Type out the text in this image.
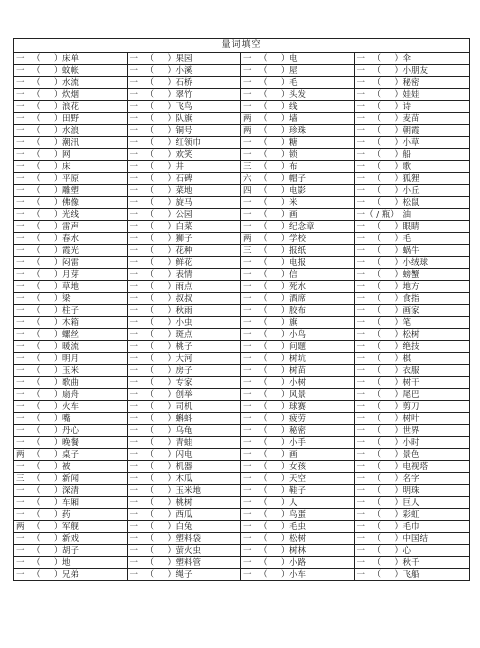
量词填空
一 （ ） 床单	一 （ ） 果园	一 （ ） 电	一 （ ） 伞
一 （ ） 蚊帐	一 （ ） 小溪	一 （ ） 屋	一 （ ） 小朋友
一 （ ） 水流	一 （ ） 石桥	一 （ ） 毛	一 （ ） 秘密
一 （ ） 炊烟	一 （ ） 翠竹	一 （ ） 头发	一 （ ） 娃娃
一 （ ） 浪花	一 （ ） 飞鸟	一 （ ） 线	一 （ ） 诗
一 （ ） 田野	一 （ ） 队旗	两 （ ） 墙	一 （ ） 麦苗
一 （ ） 水浪	一 （ ） 铜号	两 （ ） 珍珠	一 （ ） 朝霞
一 （ ） 潮汛	一 （ ） 红领巾	一 （ ） 糖	一 （ ） 小草
一 （ ） 网	一 （ ） 欢笑	一 （ ） 锁	一 （ ） 船
一 （ ） 床	一 （ ） 井	三 （ ） 布	一 （ ） 歌
一 （ ） 平原	一 （ ） 石碑	六 （ ） 帽子	一 （ ） 狐狸
一 （ ） 雕塑	一 （ ） 菜地	四 （ ） 电影	一 （ ） 小丘
一 （ ） 佛像	一 （ ） 旋马	一 （ ） 米	一 （ ） 松鼠
一 （ ） 光线	一 （ ） 公园	一 （ ） 画	一（ / 瓶） 油
一 （ ） 雷声	一 （ ） 白菜	一 （ ） 纪念章	一 （ ） 眼睛
一 （ ） 春水	一 （ ） 狮子	两 （ ） 学校	一 （ ） 毛
一 （ ） 霞光	一 （ ） 花种	三 （ ） 报纸	一 （ ） 蜗牛
一 （ ） 闷雷	一 （ ） 鲜花	一 （ ） 电报	一 （ ） 小绒球
一 （ ） 月芽	一 （ ） 表情	一 （ ） 信	一 （ ） 螃蟹
一 （ ） 草地	一 （ ） 雨点	一 （ ） 死水	一 （ ） 地方
一 （ ） 梁	一 （ ） 叔叔	一 （ ） 酒席	一 （ ） 食指
一 （ ） 柱子	一 （ ） 秋雨	一 （ ） 胶布	一 （ ） 画家
一 （ ） 木箱	一 （ ） 小虫	一 （ ） 旗	一 （ ） 笔
一 （ ） 螺丝	一 （ ） 斑点	一 （ ） 小鸟	一 （ ） 松树
一 （ ） 暖流	一 （ ） 桃子	一 （ ） 问题	一 （ ） 绝技
一 （ ） 明月	一 （ ） 大河	一 （ ） 树坑	一 （ ） 棋
一 （ ） 玉米	一 （ ） 房子	一 （ ） 树苗	一 （ ） 衣服
一 （ ） 歌曲	一 （ ） 专家	一 （ ） 小树	一 （ ） 树干
一 （ ） 扇舟	一 （ ） 创举	一 （ ） 风景	一 （ ） 尾巴
一 （ ） 火车	一 （ ） 司机	一 （ ） 球赛	一 （ ） 剪刀
一 （ ） 嘴	一 （ ） 蝌蚪	一 （ ） 疲劳	一 （ ） 树叶
一 （ ） 丹心	一 （ ） 乌龟	一 （ ） 秘密	一 （ ） 世界
一 （ ） 晚餐	一 （ ） 青蛙	一 （ ） 小手	一 （ ） 小时
两 （ ） 桌子	一 （ ） 闪电	一 （ ） 画	一 （ ） 景色
一 （ ） 被	一 （ ） 机器	一 （ ） 女孩	一 （ ） 电视塔
三 （ ） 新闻	一 （ ） 木瓜	一 （ ） 天空	一 （ ） 名字
一 （ ） 深清	一 （ ） 玉米地	一 （ ） 鞋子	一 （ ） 明珠
一 （ ） 车厢	一 （ ） 桃树	一 （ ） 人	一 （ ） 巨人
一 （ ） 药	一 （ ） 西瓜	一 （ ） 鸟蛋	一 （ ） 彩虹
两 （ ） 军舰	一 （ ） 白兔	一 （ ） 毛虫	一 （ ） 毛巾
一 （ ） 新戏	一 （ ） 塑料袋	一 （ ） 松树	一 （ ） 中国结
一 （ ） 胡子	一 （ ） 萤火虫	一 （ ） 树林	一 （ ） 心
一 （ ） 地	一 （ ） 塑料管	一 （ ） 小路	一 （ ） 秋千
一 （ ） 兄弟	一 （ ） 绳子	一 （ ） 小车	一 （ ） 飞船
